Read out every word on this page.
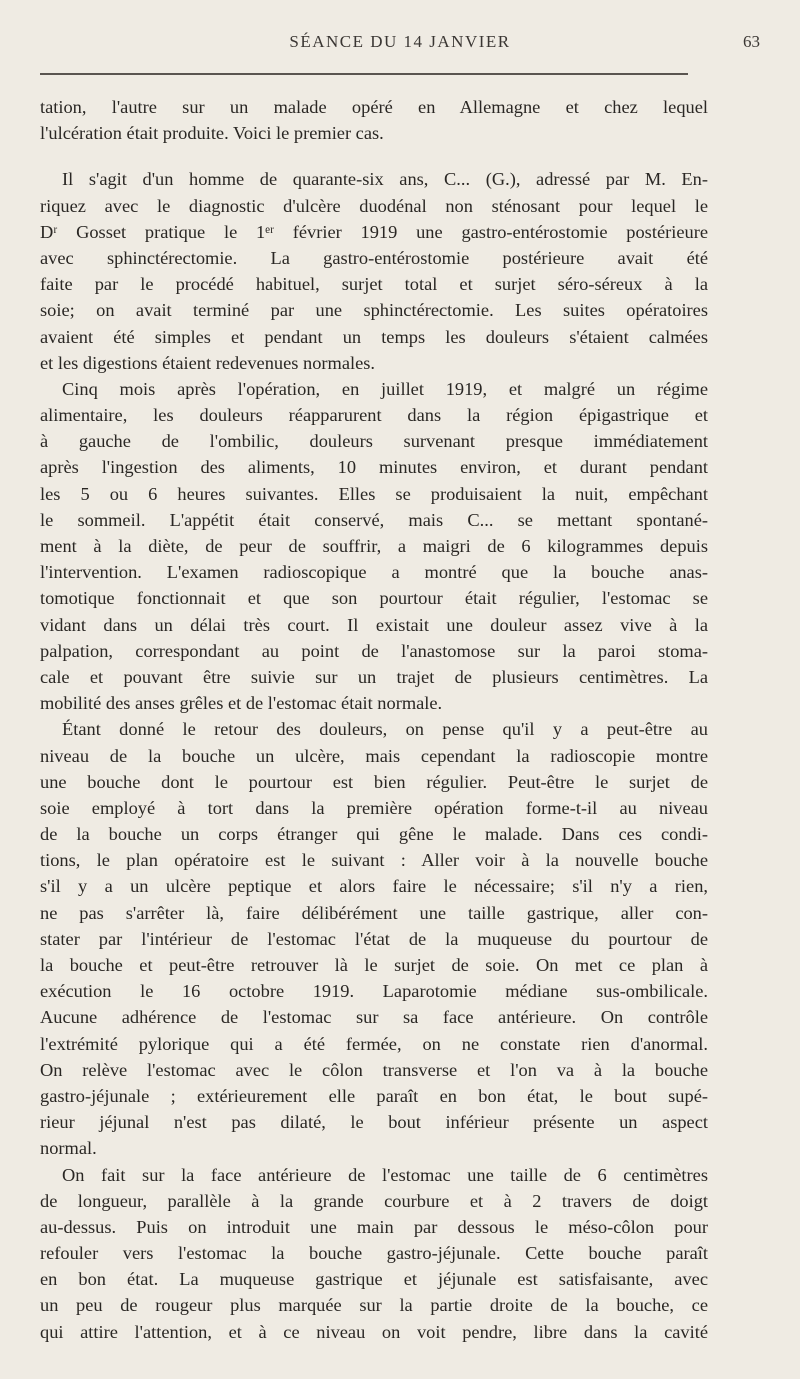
SÉANCE DU 14 JANVIER	63
tation, l'autre sur un malade opéré en Allemagne et chez lequel
l'ulcération était produite. Voici le premier cas.
Il s'agit d'un homme de quarante-six ans, C... (G.), adressé par M. En-
riquez avec le diagnostic d'ulcère duodénal non sténosant pour lequel le
Dʳ Gosset pratique le 1ᵉʳ février 1919 une gastro-entérostomie postérieure
avec sphinctérectomie. La gastro-entérostomie postérieure avait été
faite par le procédé habituel, surjet total et surjet séro-séreux à la
soie; on avait terminé par une sphinctérectomie. Les suites opératoires
avaient été simples et pendant un temps les douleurs s'étaient calmées
et les digestions étaient redevenues normales.
Cinq mois après l'opération, en juillet 1919, et malgré un régime
alimentaire, les douleurs réapparurent dans la région épigastrique et
à gauche de l'ombilic, douleurs survenant presque immédiatement
après l'ingestion des aliments, 10 minutes environ, et durant pendant
les 5 ou 6 heures suivantes. Elles se produisaient la nuit, empêchant
le sommeil. L'appétit était conservé, mais C... se mettant spontané-
ment à la diète, de peur de souffrir, a maigri de 6 kilogrammes depuis
l'intervention. L'examen radioscopique a montré que la bouche anas-
tomotique fonctionnait et que son pourtour était régulier, l'estomac se
vidant dans un délai très court. Il existait une douleur assez vive à la
palpation, correspondant au point de l'anastomose sur la paroi stoma-
cale et pouvant être suivie sur un trajet de plusieurs centimètres. La
mobilité des anses grêles et de l'estomac était normale.
Étant donné le retour des douleurs, on pense qu'il y a peut-être au
niveau de la bouche un ulcère, mais cependant la radioscopie montre
une bouche dont le pourtour est bien régulier. Peut-être le surjet de
soie employé à tort dans la première opération forme-t-il au niveau
de la bouche un corps étranger qui gêne le malade. Dans ces condi-
tions, le plan opératoire est le suivant : Aller voir à la nouvelle bouche
s'il y a un ulcère peptique et alors faire le nécessaire; s'il n'y a rien,
ne pas s'arrêter là, faire délibérément une taille gastrique, aller con-
stater par l'intérieur de l'estomac l'état de la muqueuse du pourtour de
la bouche et peut-être retrouver là le surjet de soie. On met ce plan à
exécution le 16 octobre 1919. Laparotomie médiane sus-ombilicale.
Aucune adhérence de l'estomac sur sa face antérieure. On contrôle
l'extrémité pylorique qui a été fermée, on ne constate rien d'anormal.
On relève l'estomac avec le côlon transverse et l'on va à la bouche
gastro-jéjunale ; extérieurement elle paraît en bon état, le bout supé-
rieur jéjunal n'est pas dilaté, le bout inférieur présente un aspect
normal.
On fait sur la face antérieure de l'estomac une taille de 6 centimètres
de longueur, parallèle à la grande courbure et à 2 travers de doigt
au-dessus. Puis on introduit une main par dessous le méso-côlon pour
refouler vers l'estomac la bouche gastro-jéjunale. Cette bouche paraît
en bon état. La muqueuse gastrique et jéjunale est satisfaisante, avec
un peu de rougeur plus marquée sur la partie droite de la bouche, ce
qui attire l'attention, et à ce niveau on voit pendre, libre dans la cavité
